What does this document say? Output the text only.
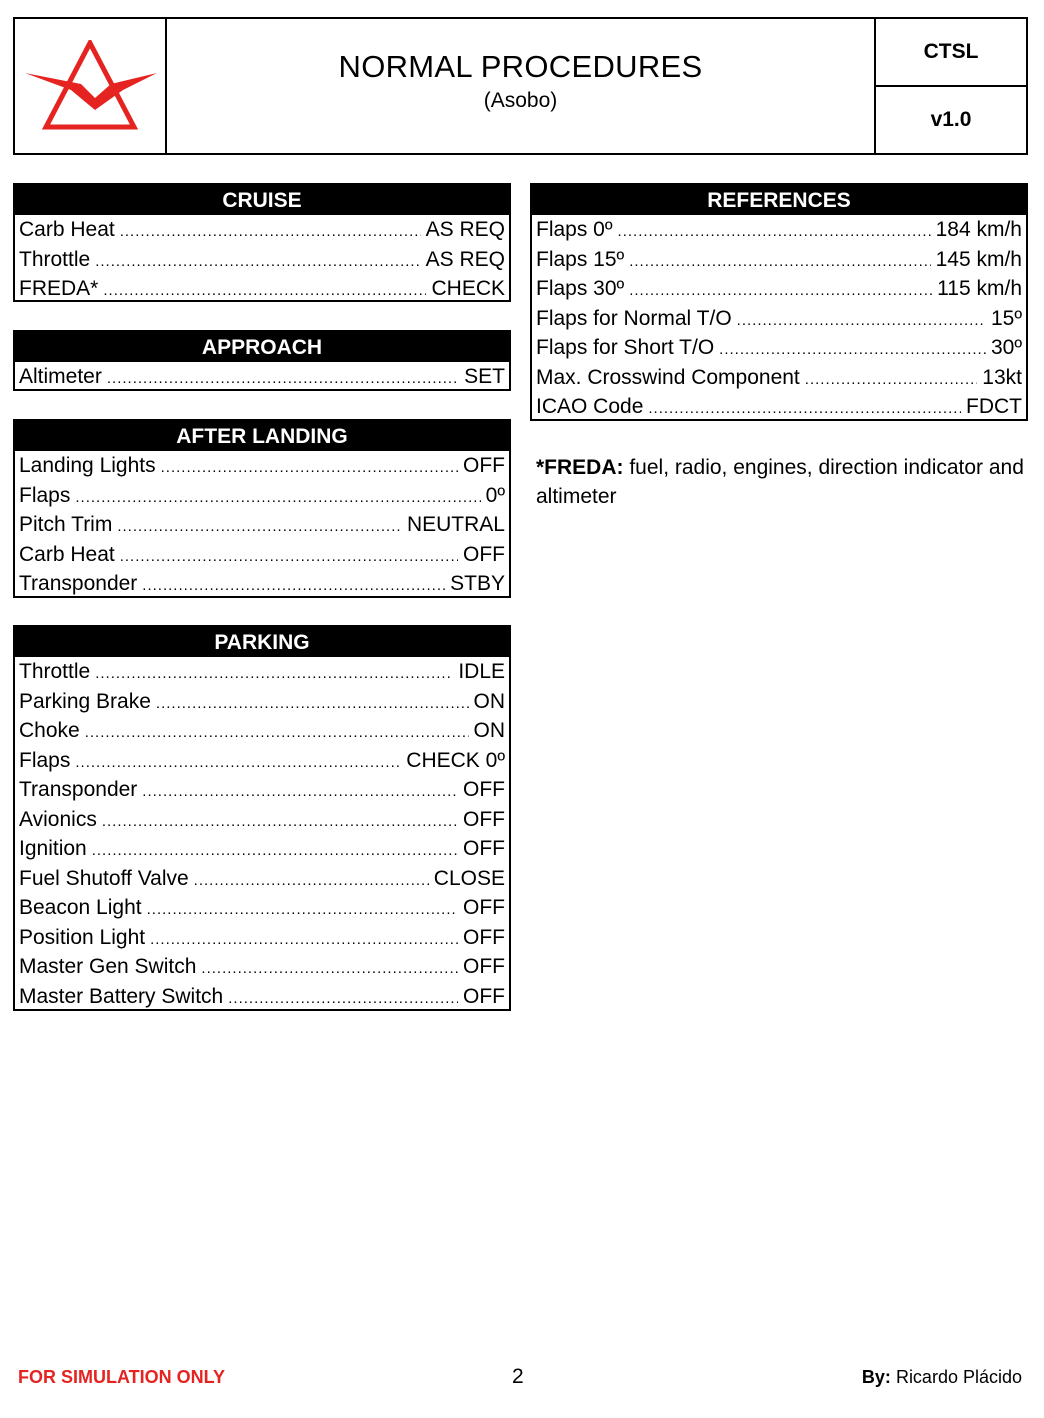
NORMAL PROCEDURES
(Asobo)
CTSL
v1.0
CRUISE
Carb Heat .....	AS REQ
Throttle .....	AS REQ
FREDA* .....	CHECK
APPROACH
Altimeter .....	SET
AFTER LANDING
Landing Lights .....	OFF
Flaps .....	0º
Pitch Trim .....	NEUTRAL
Carb Heat .....	OFF
Transponder .....	STBY
PARKING
Throttle .....	IDLE
Parking Brake .....	ON
Choke .....	ON
Flaps .....	CHECK 0º
Transponder .....	OFF
Avionics .....	OFF
Ignition .....	OFF
Fuel Shutoff Valve .....	CLOSE
Beacon Light .....	OFF
Position Light .....	OFF
Master Gen Switch .....	OFF
Master Battery Switch .....	OFF
REFERENCES
Flaps 0º .....	184 km/h
Flaps 15º .....	145 km/h
Flaps 30º .....	115 km/h
Flaps for Normal T/O .....	15º
Flaps for Short T/O .....	30º
Max. Crosswind Component .....	13kt
ICAO Code .....	FDCT
*FREDA: fuel, radio, engines, direction indicator and altimeter
FOR SIMULATION ONLY	2	By: Ricardo Plácido
